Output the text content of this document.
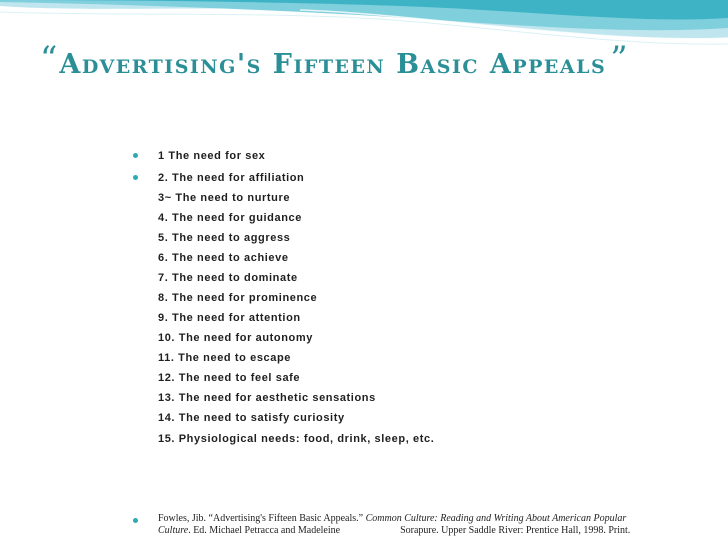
“Advertising's Fifteen Basic Appeals ”
1 The need for sex
2. The need for affiliation
3~ The need to nurture
4. The need for guidance
5. The need to aggress
6. The need to achieve
7. The need to dominate
8. The need for prominence
9. The need for attention
10. The need for autonomy
11. The need to escape
12. The need to feel safe
13. The need for aesthetic sensations
14. The need to satisfy curiosity
15. Physiological needs: food, drink, sleep, etc.
Fowles, Jib. “Advertising's Fifteen Basic Appeals.” Common Culture: Reading and Writing About American Popular
Culture. Ed. Michael Petracca and Madeleine	Sorapure. Upper Saddle River: Prentice Hall, 1998. Print.
